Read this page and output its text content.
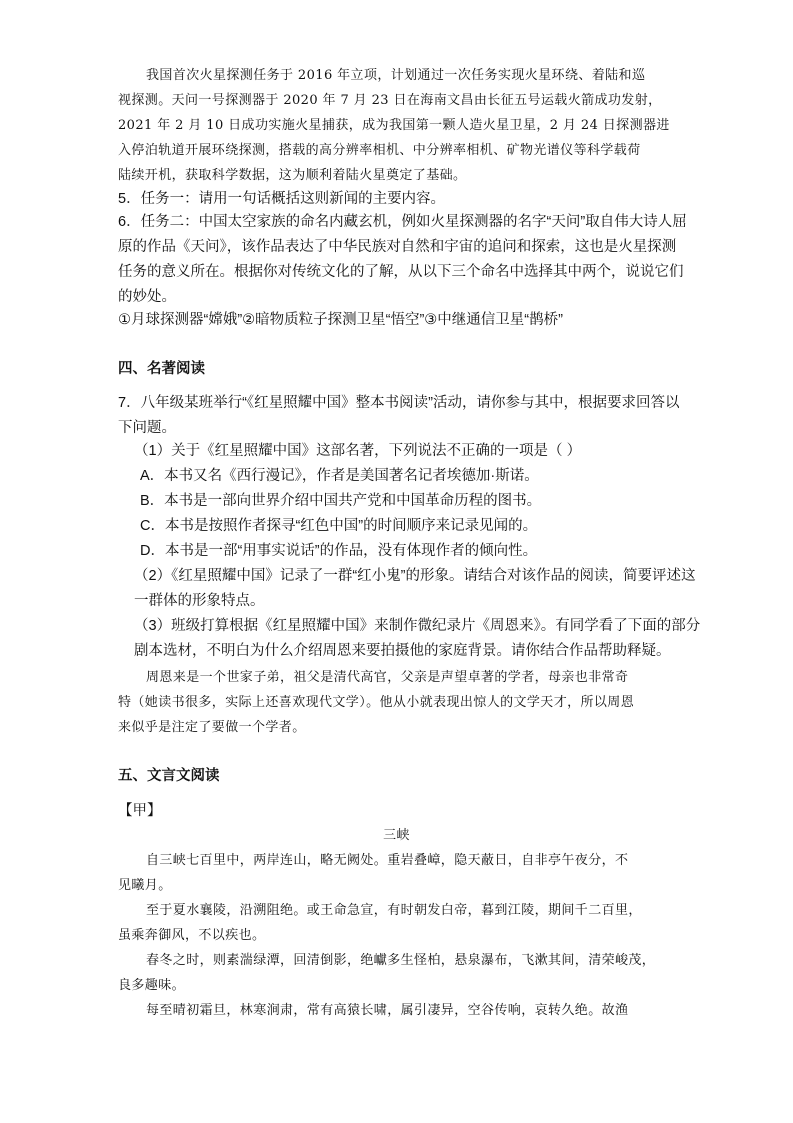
我国首次火星探测任务于 2016 年立项，计划通过一次任务实现火星环绕、着陆和巡
视探测。天问一号探测器于 2020 年 7 月 23 日在海南文昌由长征五号运载火箭成功发射，
2021 年 2 月 10 日成功实施火星捕获，成为我国第一颗人造火星卫星，2 月 24 日探测器进
入停泊轨道开展环绕探测，搭载的高分辨率相机、中分辨率相机、矿物光谱仪等科学载荷
陆续开机，获取科学数据，这为顺利着陆火星奠定了基础。
5．任务一：请用一句话概括这则新闻的主要内容。
6．任务二：中国太空家族的命名内藏玄机，例如火星探测器的名字“天问”取自伟大诗人屈
原的作品《天问》，该作品表达了中华民族对自然和宇宙的追问和探索，这也是火星探测
任务的意义所在。根据你对传统文化的了解，从以下三个命名中选择其中两个，说说它们
的妙处。
①月球探测器“嫦娥”②暗物质粒子探测卫星“悟空”③中继通信卫星“鹊桥”
四、名著阅读
7．八年级某班举行“《红星照耀中国》整本书阅读”活动，请你参与其中，根据要求回答以
下问题。
（1）关于《红星照耀中国》这部名著，下列说法不正确的一项是（ ）
A．本书又名《西行漫记》，作者是美国著名记者埃德加·斯诺。
B．本书是一部向世界介绍中国共产党和中国革命历程的图书。
C．本书是按照作者探寻“红色中国”的时间顺序来记录见闻的。
D．本书是一部“用事实说话”的作品，没有体现作者的倾向性。
（2）《红星照耀中国》记录了一群“红小鬼”的形象。请结合对该作品的阅读，简要评述这
一群体的形象特点。
（3）班级打算根据《红星照耀中国》来制作微纪录片《周恩来》。有同学看了下面的部分
剧本选材，不明白为什么介绍周恩来要拍摄他的家庭背景。请你结合作品帮助释疑。
周恩来是一个世家子弟，祖父是清代高官，父亲是声望卓著的学者，母亲也非常奇
特（她读书很多，实际上还喜欢现代文学）。他从小就表现出惊人的文学天才，所以周恩
来似乎是注定了要做一个学者。
五、文言文阅读
【甲】
三峡
自三峡七百里中，两岸连山，略无阙处。重岩叠嶂，隐天蔽日，自非亭午夜分，不
见曦月。
至于夏水襄陵，沿溯阻绝。或王命急宣，有时朝发白帝，暮到江陵，期间千二百里，
虽乘奔御风，不以疾也。
春冬之时，则素湍绿潭，回清倒影，绝巘多生怪柏，悬泉瀑布，飞漱其间，清荣峻茂，
良多趣味。
每至晴初霜旦，林寒涧肃，常有高猿长啸，属引凄异，空谷传响，哀转久绝。故渔
